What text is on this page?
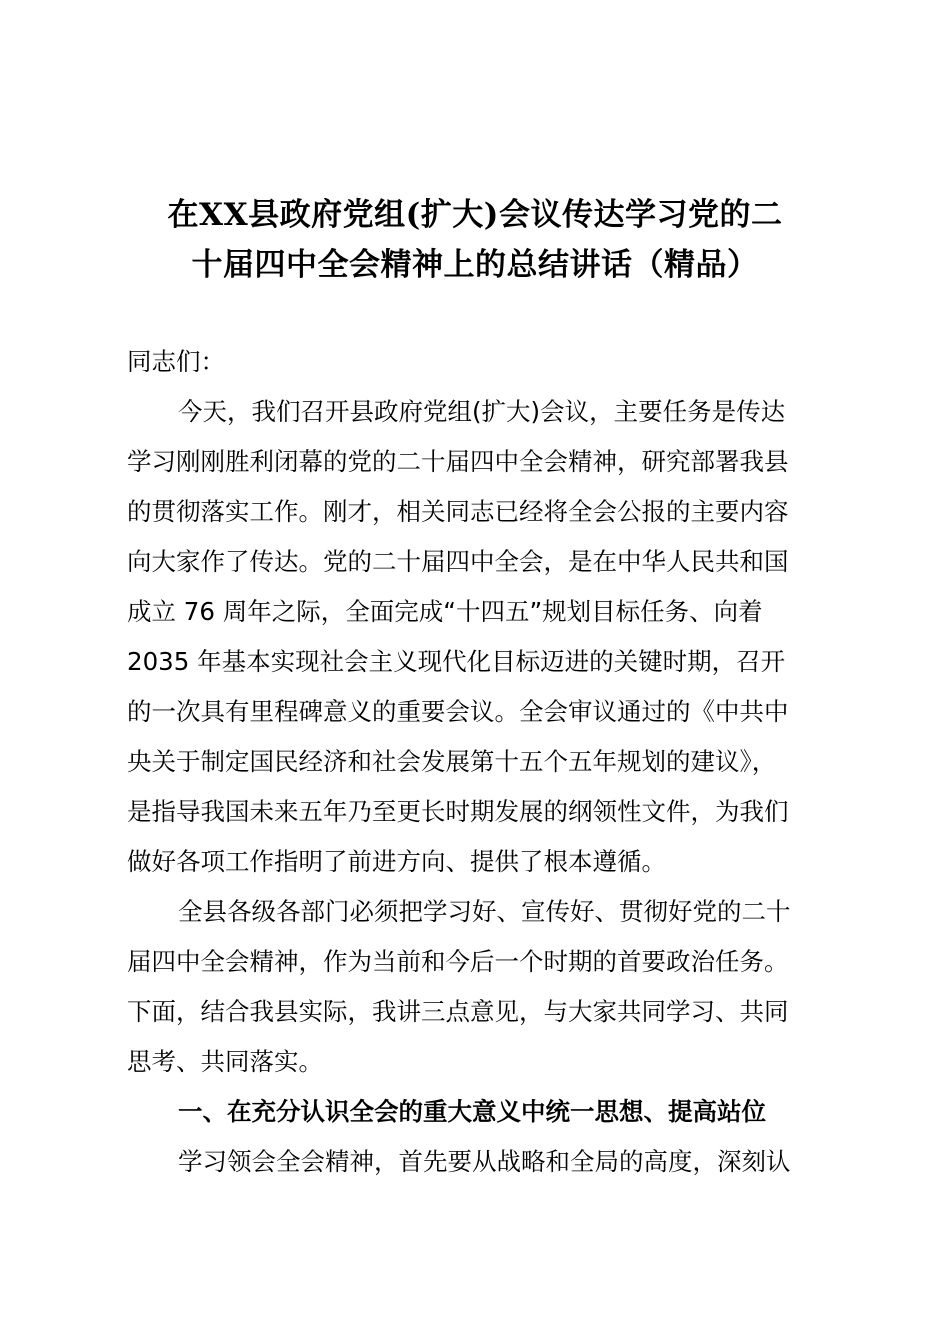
在XX县政府党组(扩大)会议传达学习党的二
十届四中全会精神上的总结讲话（精品）
同志们：
今天，我们召开县政府党组(扩大)会议，主要任务是传达
学习刚刚胜利闭幕的党的二十届四中全会精神，研究部署我县
的贯彻落实工作。刚才，相关同志已经将全会公报的主要内容
向大家作了传达。党的二十届四中全会，是在中华人民共和国
成立 76 周年之际，全面完成“十四五”规划目标任务、向着
2035 年基本实现社会主义现代化目标迈进的关键时期，召开
的一次具有里程碑意义的重要会议。全会审议通过的《中共中
央关于制定国民经济和社会发展第十五个五年规划的建议》，
是指导我国未来五年乃至更长时期发展的纲领性文件，为我们
做好各项工作指明了前进方向、提供了根本遵循。
全县各级各部门必须把学习好、宣传好、贯彻好党的二十
届四中全会精神，作为当前和今后一个时期的首要政治任务。
下面，结合我县实际，我讲三点意见，与大家共同学习、共同
思考、共同落实。
一、在充分认识全会的重大意义中统一思想、提高站位
学习领会全会精神，首先要从战略和全局的高度，深刻认
